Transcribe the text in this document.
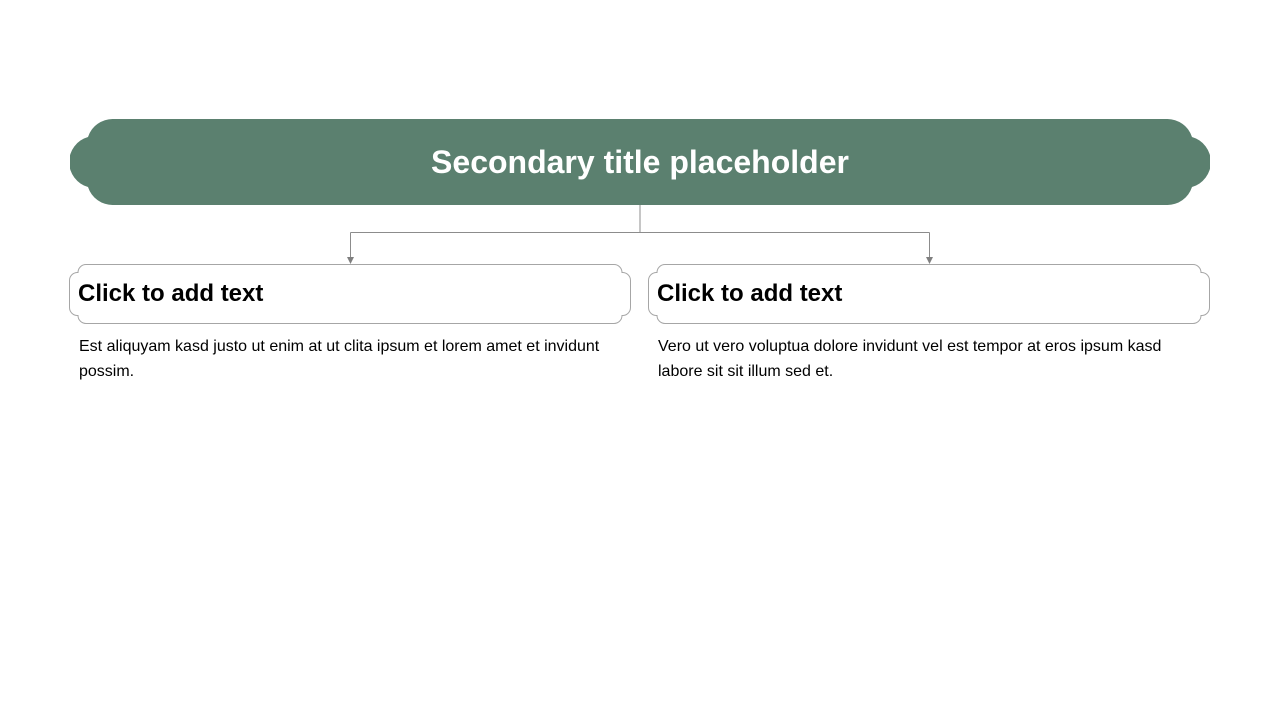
Secondary title placeholder
Click to add text
Est aliquyam kasd justo ut enim at ut clita ipsum et lorem amet et invidunt possim.
Click to add text
Vero ut vero voluptua dolore invidunt vel est tempor at eros ipsum kasd labore sit sit illum sed et.
